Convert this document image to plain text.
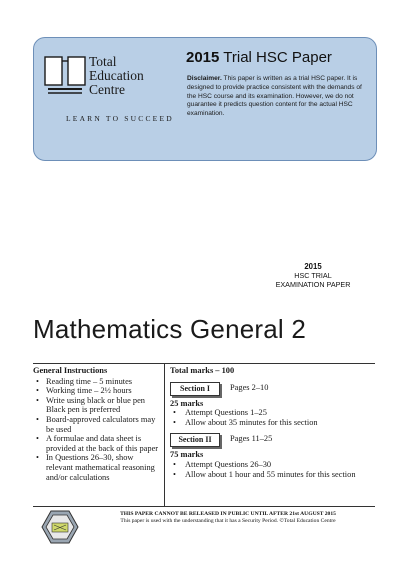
Total
Education
Centre
LEARN TO SUCCEED
2015 Trial HSC Paper
Disclaimer. This paper is written as a trial HSC paper. It is designed to provide practice consistent with the demands of the HSC course and its examination. However, we do not guarantee it predicts question content for the actual HSC examination.
2015
HSC TRIAL
EXAMINATION PAPER
Mathematics General 2
General Instructions
• Reading time – 5 minutes
• Working time – 2½ hours
• Write using black or blue pen Black pen is preferred
• Board-approved calculators may be used
• A formulae and data sheet is provided at the back of this paper
• In Questions 26–30, show relevant mathematical reasoning and/or calculations
Total marks – 100
Section I	Pages 2–10
25 marks
• Attempt Questions 1–25
• Allow about 35 minutes for this section
Section II	Pages 11–25
75 marks
• Attempt Questions 26–30
• Allow about 1 hour and 55 minutes for this section
THIS PAPER CANNOT BE RELEASED IN PUBLIC UNTIL AFTER 21st AUGUST 2015
This paper is used with the understanding that it has a Security Period. ©Total Education Centre
